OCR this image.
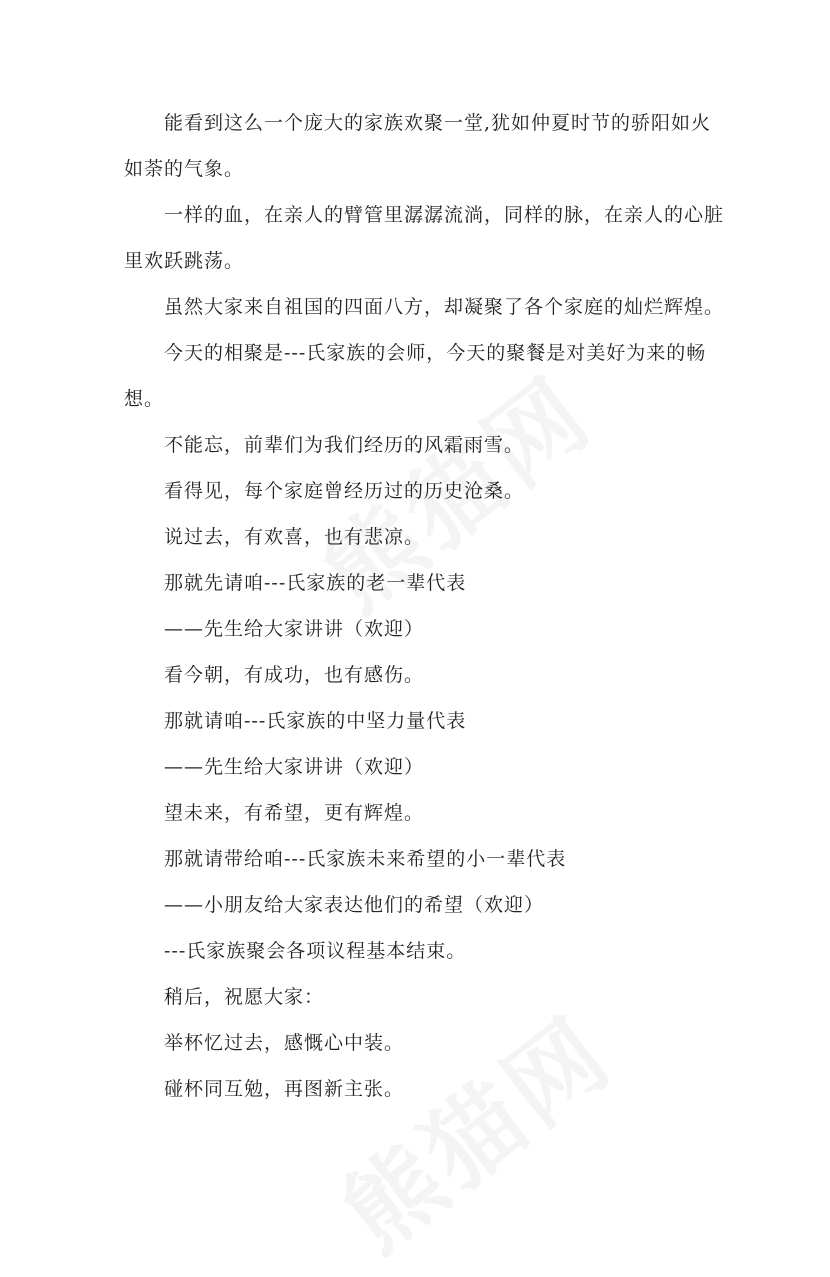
能看到这么一个庞大的家族欢聚一堂,犹如仲夏时节的骄阳如火如荼的气象。

一样的血，在亲人的臂管里潺潺流淌，同样的脉，在亲人的心脏里欢跃跳荡。

虽然大家来自祖国的四面八方，却凝聚了各个家庭的灿烂辉煌。

今天的相聚是---氏家族的会师，今天的聚餐是对美好为来的畅想。

不能忘，前辈们为我们经历的风霜雨雪。

看得见，每个家庭曾经历过的历史沧桑。

说过去，有欢喜，也有悲凉。

那就先请咱---氏家族的老一辈代表

——先生给大家讲讲（欢迎）

看今朝，有成功，也有感伤。

那就请咱---氏家族的中坚力量代表

——先生给大家讲讲（欢迎）

望未来，有希望，更有辉煌。

那就请带给咱---氏家族未来希望的小一辈代表

——小朋友给大家表达他们的希望（欢迎）

---氏家族聚会各项议程基本结束。

稍后，祝愿大家：

举杯忆过去，感慨心中装。

碰杯同互勉，再图新主张。
